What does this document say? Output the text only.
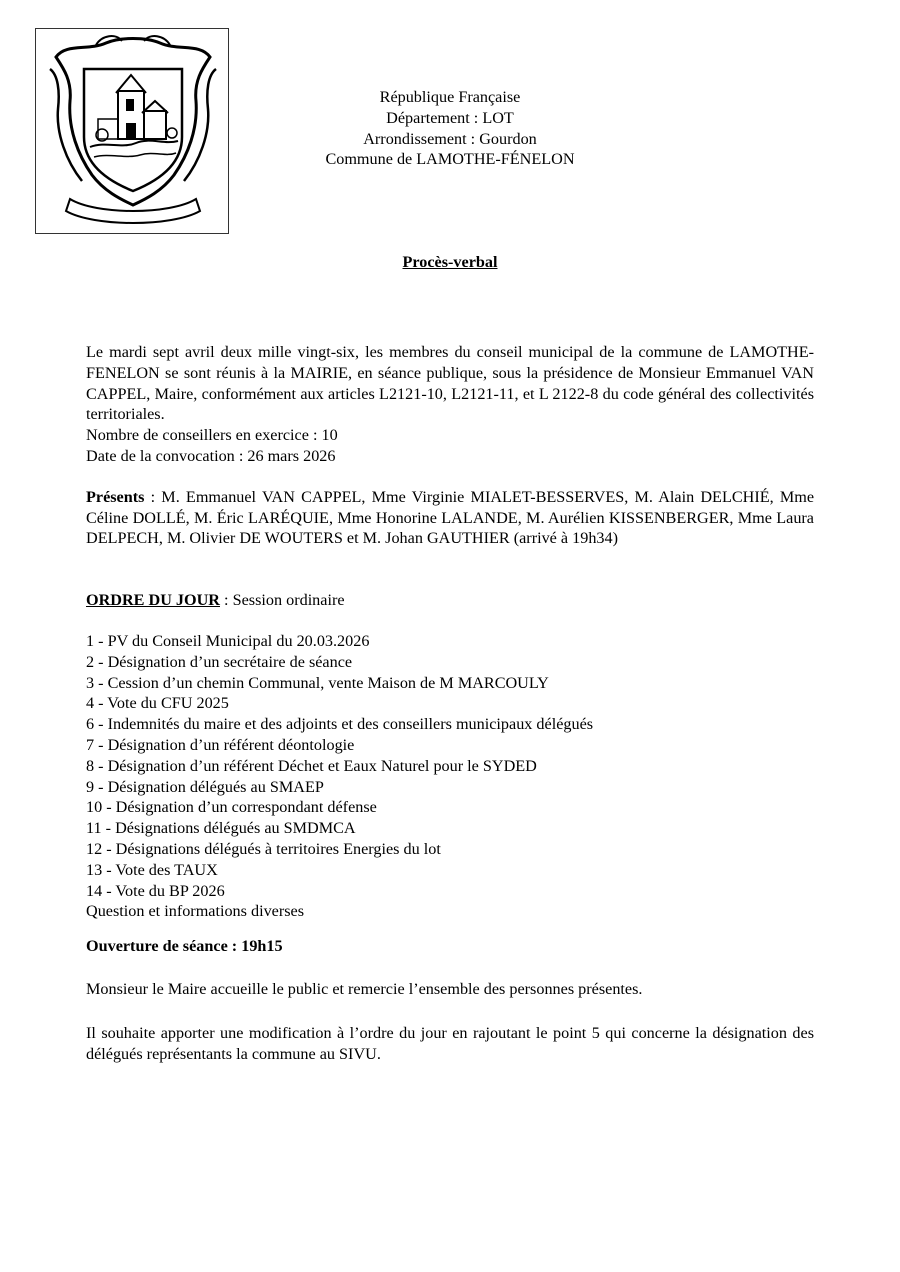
République Française
Département : LOT
Arrondissement : Gourdon
Commune de LAMOTHE-FÉNELON
Procès-verbal
Le mardi sept avril deux mille vingt-six, les membres du conseil municipal de la commune de LAMOTHE-FENELON se sont réunis à la MAIRIE, en séance publique, sous la présidence de Monsieur Emmanuel VAN CAPPEL, Maire, conformément aux articles L2121-10, L2121-11, et L 2122-8 du code général des collectivités territoriales.
Nombre de conseillers en exercice : 10
Date de la convocation : 26 mars 2026
Présents : M. Emmanuel VAN CAPPEL, Mme Virginie MIALET-BESSERVES, M. Alain DELCHIÉ, Mme Céline DOLLÉ, M. Éric LARÉQUIE, Mme Honorine LALANDE, M. Aurélien KISSENBERGER, Mme Laura DELPECH, M. Olivier DE WOUTERS et M. Johan GAUTHIER (arrivé à 19h34)
ORDRE DU JOUR : Session ordinaire
1 - PV du Conseil Municipal du 20.03.2026
2 - Désignation d’un secrétaire de séance
3 - Cession d’un chemin Communal, vente Maison de M MARCOULY
4 - Vote du CFU 2025
6 - Indemnités du maire et des adjoints et des conseillers municipaux délégués
7 - Désignation d’un référent déontologie
8 - Désignation d’un référent Déchet et Eaux Naturel pour le SYDED
9 - Désignation délégués au SMAEP
10 - Désignation d’un correspondant défense
11 - Désignations délégués au SMDMCA
12 - Désignations délégués à territoires Energies du lot
13 - Vote des TAUX
14 - Vote du BP 2026
Question et informations diverses
Ouverture de séance : 19h15
Monsieur le Maire accueille le public et remercie l’ensemble des personnes présentes.
Il souhaite apporter une modification à l’ordre du jour en rajoutant le point 5 qui concerne la désignation des délégués représentants la commune au SIVU.
